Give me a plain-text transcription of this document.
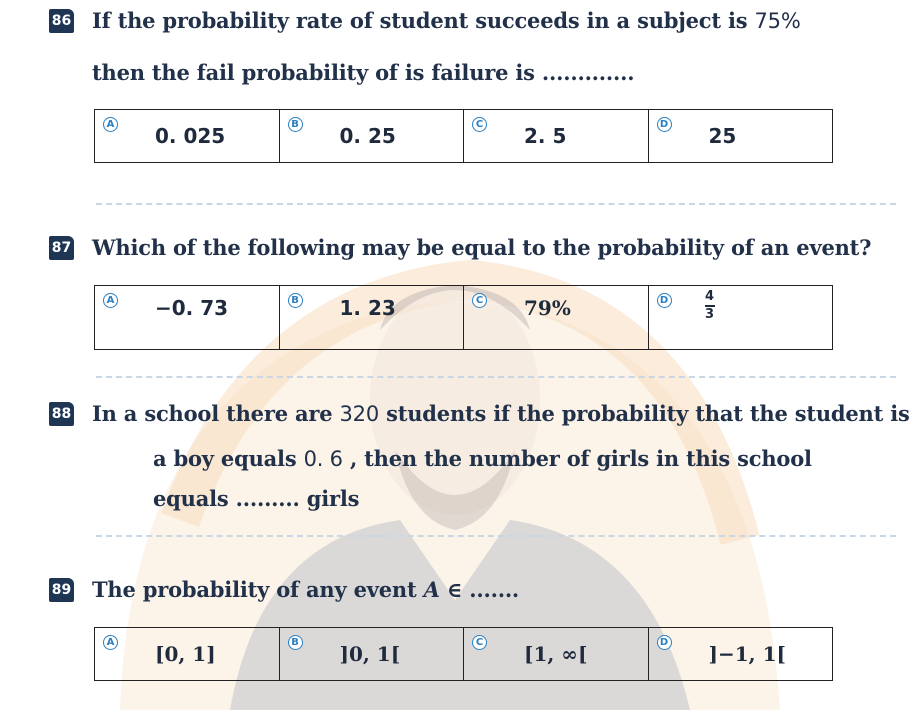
86 If the probability rate of student succeeds in a subject is 75%
then the fail probability of is failure is .............
A 0. 025	B 0. 25	C 2. 5	D 25
87 Which of the following may be equal to the probability of an event?
A −0. 73	B 1. 23	C 79%	D	$\frac{4}{3}$
88 In a school there are 320 students if the probability that the student is
a boy equals 0. 6 , then the number of girls in this school
equals ......... girls
89 The probability of any event A ∈ .......
A [0, 1]	B ]0, 1[	C [1, ∞[	D ]−1, 1[
